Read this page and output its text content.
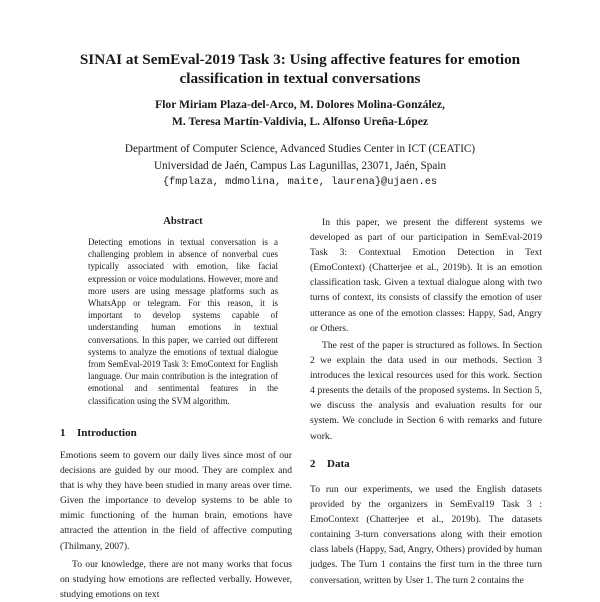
SINAI at SemEval-2019 Task 3: Using affective features for emotion
classification in textual conversations
Flor Miriam Plaza-del-Arco, M. Dolores Molina-González,
M. Teresa Martín-Valdivia, L. Alfonso Ureña-López
Department of Computer Science, Advanced Studies Center in ICT (CEATIC)
Universidad de Jaén, Campus Las Lagunillas, 23071, Jaén, Spain
{fmplaza, mdmolina, maite, laurena}@ujaen.es
Abstract

Detecting emotions in textual conversation is a challenging problem in absence of nonverbal cues typically associated with emotion, like facial expression or voice modulations. However, more and more users are using message platforms such as WhatsApp or telegram. For this reason, it is important to develop systems capable of understanding human emotions in textual conversations. In this paper, we carried out different systems to analyze the emotions of textual dialogue from SemEval-2019 Task 3: EmoContext for English language. Our main contribution is the integration of emotional and sentimental features in the classification using the SVM algorithm.

1 Introduction

Emotions seem to govern our daily lives since most of our decisions are guided by our mood. They are complex and that is why they have been studied in many areas over time. Given the importance to develop systems to be able to mimic functioning of the human brain, emotions have attracted the attention in the field of affective computing (Thilmany, 2007).

To our knowledge, there are not many works that focus on studying how emotions are reflected verbally. However, studying emotions on text

In this paper, we present the different systems we developed as part of our participation in SemEval-2019 Task 3: Contextual Emotion Detection in Text (EmoContext) (Chatterjee et al., 2019b). It is an emotion classification task. Given a textual dialogue along with two turns of context, its consists of classify the emotion of user utterance as one of the emotion classes: Happy, Sad, Angry or Others.

The rest of the paper is structured as follows. In Section 2 we explain the data used in our methods. Section 3 introduces the lexical resources used for this work. Section 4 presents the details of the proposed systems. In Section 5, we discuss the analysis and evaluation results for our system. We conclude in Section 6 with remarks and future work.

2 Data

To run our experiments, we used the English datasets provided by the organizers in SemEval19 Task 3 : EmoContext (Chatterjee et al., 2019b). The datasets containing 3-turn conversations along with their emotion class labels (Happy, Sad, Angry, Others) provided by human judges. The Turn 1 contains the first turn in the three turn conversation, written by User 1. The turn 2 contains the
